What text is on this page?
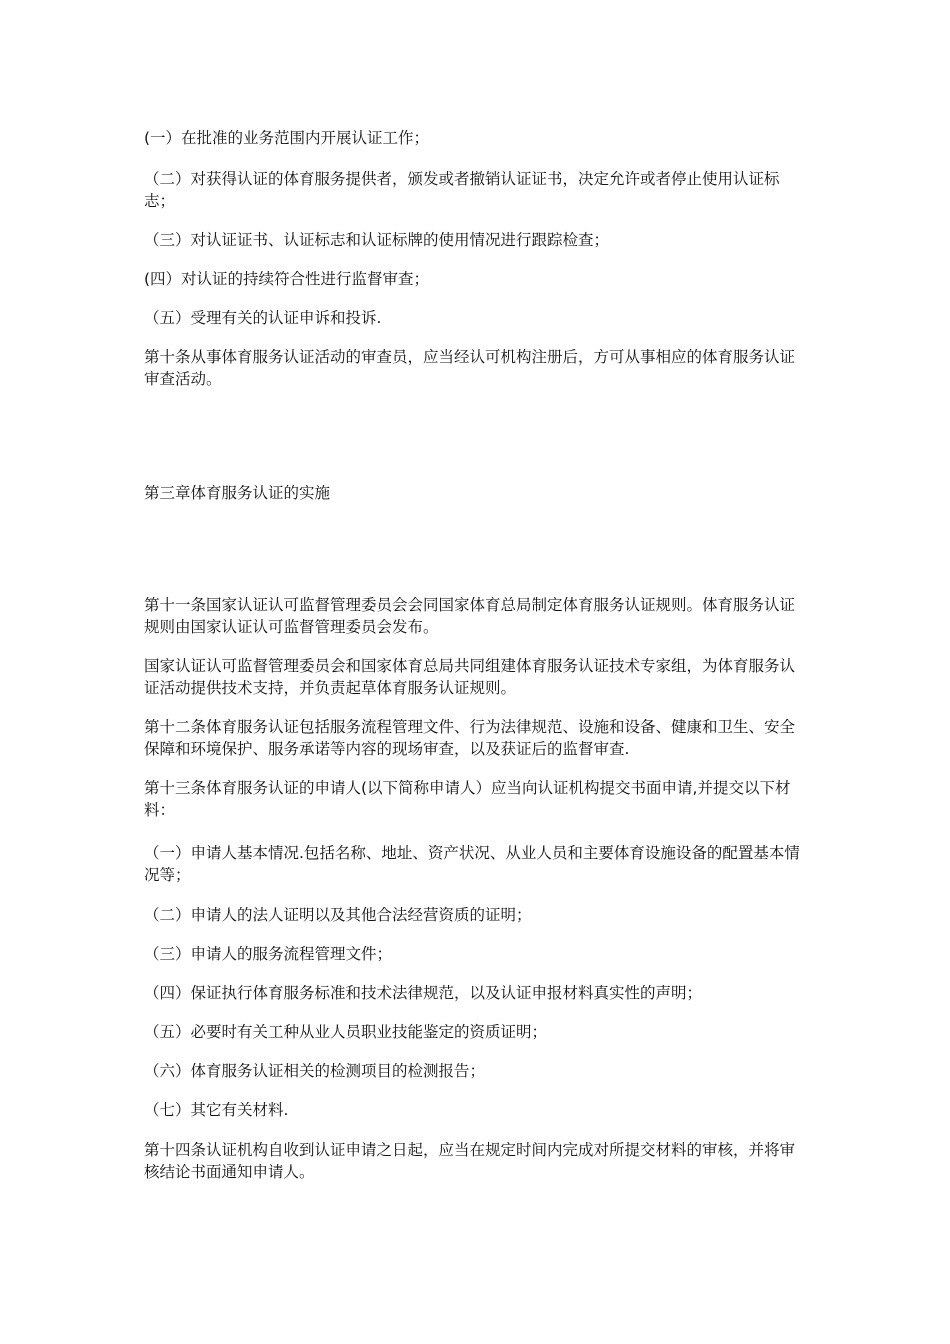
(一）在批准的业务范围内开展认证工作；

（二）对获得认证的体育服务提供者，颁发或者撤销认证证书，决定允许或者停止使用认证标志；

（三）对认证证书、认证标志和认证标牌的使用情况进行跟踪检查；

(四）对认证的持续符合性进行监督审查；

（五）受理有关的认证申诉和投诉.

第十条从事体育服务认证活动的审查员，应当经认可机构注册后，方可从事相应的体育服务认证审查活动。

第三章体育服务认证的实施

第十一条国家认证认可监督管理委员会会同国家体育总局制定体育服务认证规则。体育服务认证规则由国家认证认可监督管理委员会发布。

国家认证认可监督管理委员会和国家体育总局共同组建体育服务认证技术专家组，为体育服务认证活动提供技术支持，并负责起草体育服务认证规则。

第十二条体育服务认证包括服务流程管理文件、行为法律规范、设施和设备、健康和卫生、安全保障和环境保护、服务承诺等内容的现场审查，以及获证后的监督审查.

第十三条体育服务认证的申请人(以下简称申请人）应当向认证机构提交书面申请,并提交以下材料：

（一）申请人基本情况.包括名称、地址、资产状况、从业人员和主要体育设施设备的配置基本情况等；

（二）申请人的法人证明以及其他合法经营资质的证明；

（三）申请人的服务流程管理文件；

（四）保证执行体育服务标准和技术法律规范，以及认证申报材料真实性的声明；

（五）必要时有关工种从业人员职业技能鉴定的资质证明；

（六）体育服务认证相关的检测项目的检测报告；

（七）其它有关材料.

第十四条认证机构自收到认证申请之日起，应当在规定时间内完成对所提交材料的审核，并将审核结论书面通知申请人。
